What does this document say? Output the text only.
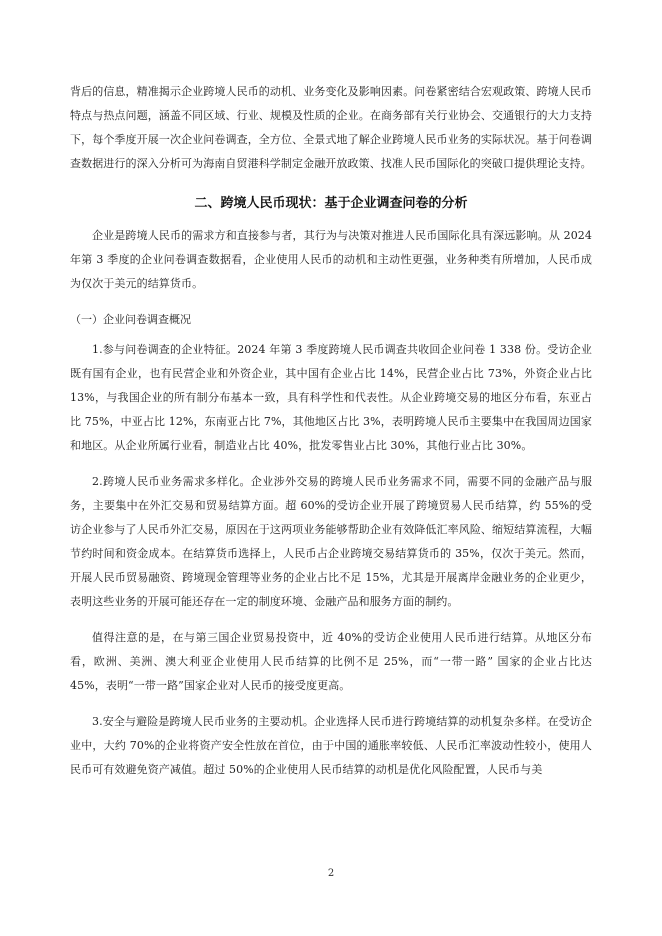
背后的信息，精准揭示企业跨境人民币的动机、业务变化及影响因素。问卷紧密结合宏观政策、跨境人民币特点与热点问题，涵盖不同区域、行业、规模及性质的企业。在商务部有关行业协会、交通银行的大力支持下，每个季度开展一次企业问卷调查，全方位、全景式地了解企业跨境人民币业务的实际状况。基于问卷调查数据进行的深入分析可为海南自贸港科学制定金融开放政策、找准人民币国际化的突破口提供理论支持。

二、跨境人民币现状：基于企业调查问卷的分析

企业是跨境人民币的需求方和直接参与者，其行为与决策对推进人民币国际化具有深远影响。从 2024 年第 3 季度的企业问卷调查数据看，企业使用人民币的动机和主动性更强，业务种类有所增加，人民币成为仅次于美元的结算货币。

（一）企业问卷调查概况

1.参与问卷调查的企业特征。2024 年第 3 季度跨境人民币调查共收回企业问卷 1 338 份。受访企业既有国有企业，也有民营企业和外资企业，其中国有企业占比 14%，民营企业占比 73%，外资企业占比 13%，与我国企业的所有制分布基本一致，具有科学性和代表性。从企业跨境交易的地区分布看，东亚占比 75%，中亚占比 12%，东南亚占比 7%，其他地区占比 3%，表明跨境人民币主要集中在我国周边国家和地区。从企业所属行业看，制造业占比 40%，批发零售业占比 30%，其他行业占比 30%。

2.跨境人民币业务需求多样化。企业涉外交易的跨境人民币业务需求不同，需要不同的金融产品与服务，主要集中在外汇交易和贸易结算方面。超 60%的受访企业开展了跨境贸易人民币结算，约 55%的受访企业参与了人民币外汇交易，原因在于这两项业务能够帮助企业有效降低汇率风险、缩短结算流程，大幅节约时间和资金成本。在结算货币选择上，人民币占企业跨境交易结算货币的 35%，仅次于美元。然而，开展人民币贸易融资、跨境现金管理等业务的企业占比不足 15%，尤其是开展离岸金融业务的企业更少，表明这些业务的开展可能还存在一定的制度环境、金融产品和服务方面的制约。

值得注意的是，在与第三国企业贸易投资中，近 40%的受访企业使用人民币进行结算。从地区分布看，欧洲、美洲、澳大利亚企业使用人民币结算的比例不足 25%，而“一带一路” 国家的企业占比达 45%，表明“一带一路”国家企业对人民币的接受度更高。

3.安全与避险是跨境人民币业务的主要动机。企业选择人民币进行跨境结算的动机复杂多样。在受访企业中，大约 70%的企业将资产安全性放在首位，由于中国的通胀率较低、人民币汇率波动性较小，使用人民币可有效避免资产减值。超过 50%的企业使用人民币结算的动机是优化风险配置，人民币与美

2
